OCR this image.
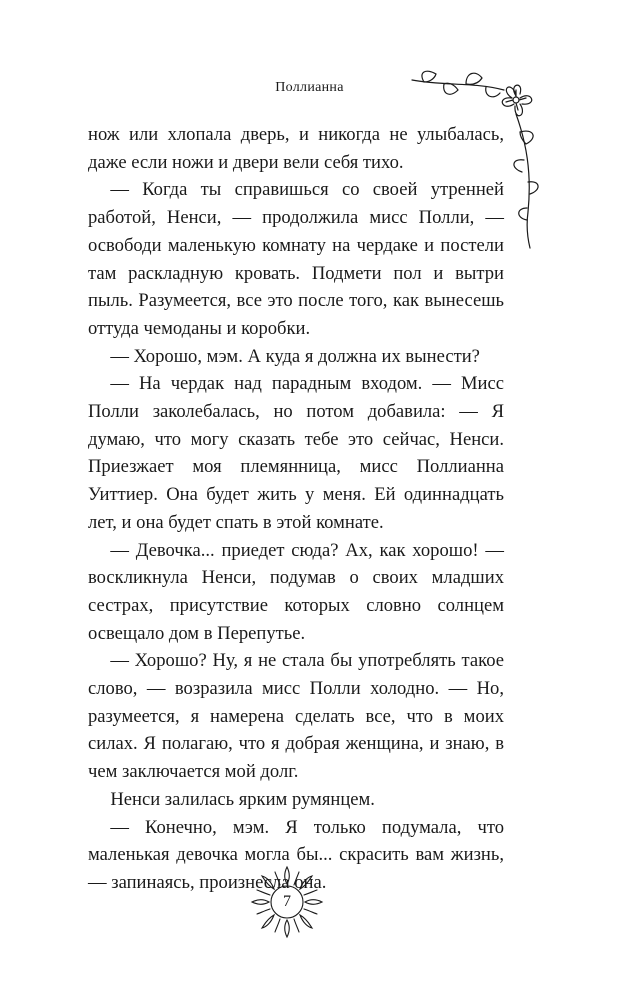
Поллианна

нож или хлопала дверь, и никогда не улыбалась, даже если ножи и двери вели себя тихо.

— Когда ты справишься со своей утренней работой, Ненси, — продолжила мисс Полли, — освободи маленькую комнату на чердаке и постели там раскладную кровать. Подмети пол и вытри пыль. Разумеется, все это после того, как вынесешь оттуда чемоданы и коробки.

— Хорошо, мэм. А куда я должна их вынести?

— На чердак над парадным входом. — Мисс Полли заколебалась, но потом добавила: — Я думаю, что могу сказать тебе это сейчас, Ненси. Приезжает моя племянница, мисс Поллианна Уиттиер. Она будет жить у меня. Ей одиннадцать лет, и она будет спать в этой комнате.

— Девочка... приедет сюда? Ах, как хорошо! — воскликнула Ненси, подумав о своих младших сестрах, присутствие которых словно солнцем освещало дом в Перепутье.

— Хорошо? Ну, я не стала бы употреблять такое слово, — возразила мисс Полли холодно. — Но, разумеется, я намерена сделать все, что в моих силах. Я полагаю, что я добрая женщина, и знаю, в чем заключается мой долг.

Ненси залилась ярким румянцем.

— Конечно, мэм. Я только подумала, что маленькая девочка могла бы... скрасить вам жизнь, — запинаясь, произнесла она.

7
